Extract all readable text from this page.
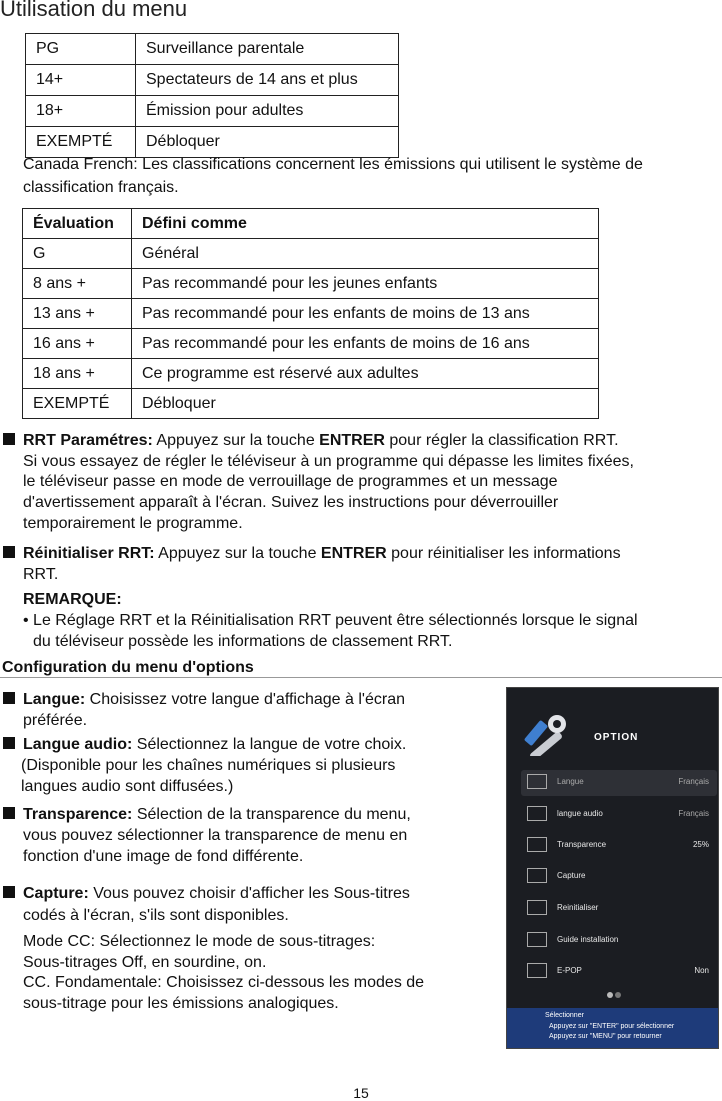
Utilisation du menu
PG	Surveillance parentale
14+	Spectateurs de 14 ans et plus
18+	Émission pour adultes
EXEMPTÉ	Débloquer
Canada French: Les classifications concernent les émissions qui utilisent le système de
classification français.
Évaluation	Défini comme
G	Général
8 ans +	Pas recommandé pour les jeunes enfants
13 ans +	Pas recommandé pour les enfants de moins de 13 ans
16 ans +	Pas recommandé pour les enfants de moins de 16 ans
18 ans +	Ce programme est réservé aux adultes
EXEMPTÉ	Débloquer
RRT Paramétres: Appuyez sur la touche ENTRER pour régler la classification RRT.
Si vous essayez de régler le téléviseur à un programme qui dépasse les limites fixées,
le téléviseur passe en mode de verrouillage de programmes et un message
d'avertissement apparaît à l'écran. Suivez les instructions pour déverrouiller
temporairement le programme.
Réinitialiser RRT: Appuyez sur la touche ENTRER pour réinitialiser les informations
RRT.
REMARQUE:
• Le Réglage RRT et la Réinitialisation RRT peuvent être sélectionnés lorsque le signal
du téléviseur possède les informations de classement RRT.
Configuration du menu d'options
Langue: Choisissez votre langue d'affichage à l'écran
préférée.
Langue audio: Sélectionnez la langue de votre choix.
(Disponible pour les chaînes numériques si plusieurs
langues audio sont diffusées.)
Transparence: Sélection de la transparence du menu,
vous pouvez sélectionner la transparence de menu en
fonction d'une image de fond différente.
Capture: Vous pouvez choisir d'afficher les Sous-titres
codés à l'écran, s'ils sont disponibles.
Mode CC: Sélectionnez le mode de sous-titrages:
Sous-titrages Off, en sourdine, on.
CC. Fondamentale: Choisissez ci-dessous les modes de
sous-titrage pour les émissions analogiques.
OPTION
Langue	Français
langue audio	Français
Transparence	25%
Capture
Reinitialiser
Guide installation
E-POP	Non
Sélectionner
Appuyez sur "ENTER" pour sélectionner
Appuyez sur "MENU" pour retourner
15
